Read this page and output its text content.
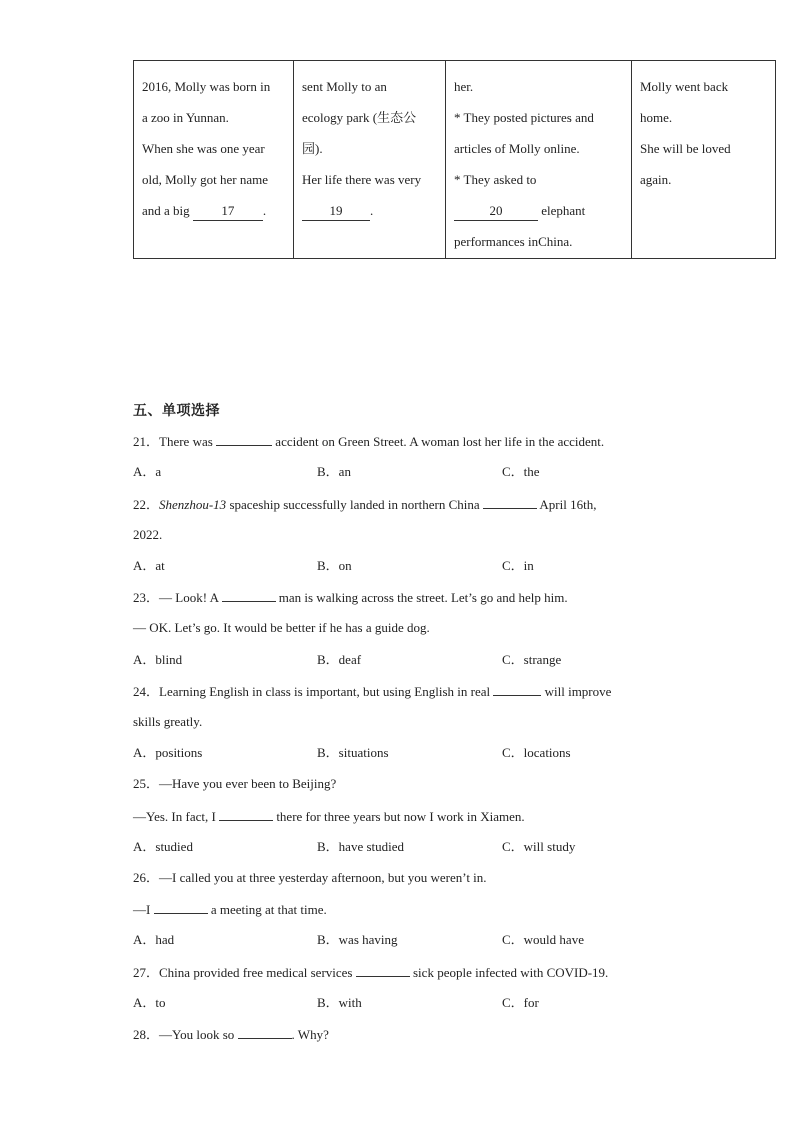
2016, Molly was born in
a zoo in Yunnan.
When she was one year
old, Molly got her name
and a big 17 .

sent Molly to an
ecology park (生态公
园).
Her life there was very
19 .

her.
* They posted pictures and
articles of Molly online.
* They asked to
20	elephant
performances inChina.

Molly went back
home.
She will be loved
again.
五、单项选择
21．There was	accident on Green Street. A woman lost her life in the accident.
A．a	B．an	C．the
22．Shenzhou-13 spaceship successfully landed in northern China	April 16th,
2022.
A．at	B．on	C．in
23．— Look! A	man is walking across the street. Let’s go and help him.
— OK. Let’s go. It would be better if he has a guide dog.
A．blind	B．deaf	C．strange
24．Learning English in class is important, but using English in real	will improve
skills greatly.
A．positions	B．situations	C．locations
25．—Have you ever been to Beijing?
—Yes. In fact, I	there for three years but now I work in Xiamen.
A．studied	B．have studied	C．will study
26．—I called you at three yesterday afternoon, but you weren’t in.
—I	a meeting at that time.
A．had	B．was having	C．would have
27．China provided free medical services	sick people infected with COVID-19.
A．to	B．with	C．for
28．—You look so	. Why?
